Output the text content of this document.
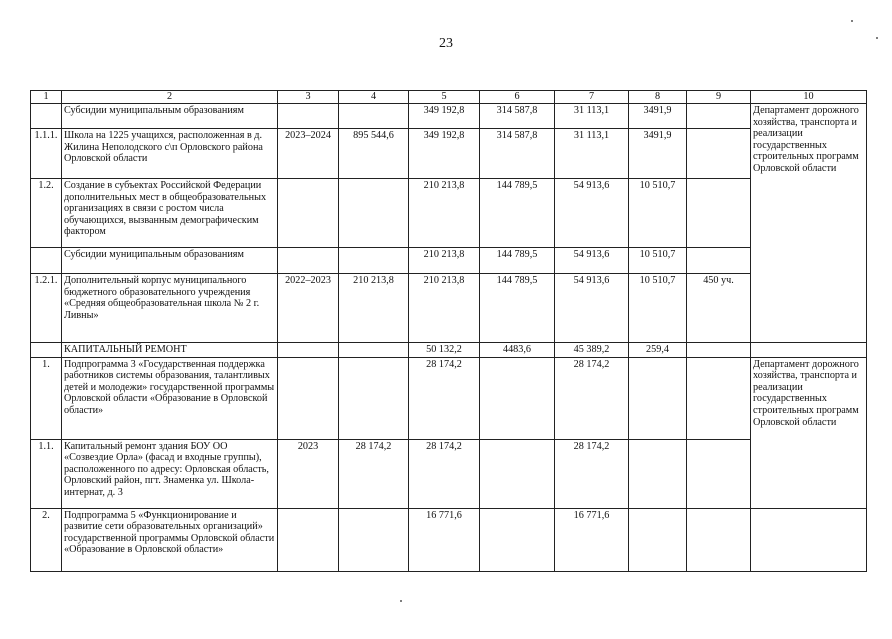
23
1	2	3	4	5	6	7	8	9	10
	Субсидии муниципальным образованиям			349 192,8	314 587,8	31 113,1	3491,9		Департамент дорожного хозяйства, транспорта и реализации государственных строительных программ Орловской области
1.1.1.	Школа на 1225 учащихся, расположенная в д. Жилина Неполодского с\п Орловского района Орловской области	2023–2024	895 544,6	349 192,8	314 587,8	31 113,1	3491,9		
1.2.	Создание в субъектах Российской Федерации дополнительных мест в общеобразовательных организациях в связи с ростом числа обучающихся, вызванным демографическим фактором			210 213,8	144 789,5	54 913,6	10 510,7		
	Субсидии муниципальным образованиям			210 213,8	144 789,5	54 913,6	10 510,7		
1.2.1.	Дополнительный корпус муниципального бюджетного образовательного учреждения «Средняя общеобразовательная школа № 2 г. Ливны»	2022–2023	210 213,8	210 213,8	144 789,5	54 913,6	10 510,7	450 уч.	
	КАПИТАЛЬНЫЙ РЕМОНТ			50 132,2	4483,6	45 389,2	259,4		
1.	Подпрограмма 3 «Государственная поддержка работников системы образования, талантливых детей и молодежи» государственной программы Орловской области «Образование в Орловской области»			28 174,2		28 174,2			Департамент дорожного хозяйства, транспорта и реализации государственных строительных программ Орловской области
1.1.	Капитальный ремонт здания БОУ ОО «Созвездие Орла» (фасад и входные группы), расположенного по адресу: Орловская область, Орловский район, пгт. Знаменка ул. Школа-интернат, д. 3	2023	28 174,2	28 174,2		28 174,2			
2.	Подпрограмма 5 «Функционирование и развитие сети образовательных организаций» государственной программы Орловской области «Образование в Орловской области»			16 771,6		16 771,6			
